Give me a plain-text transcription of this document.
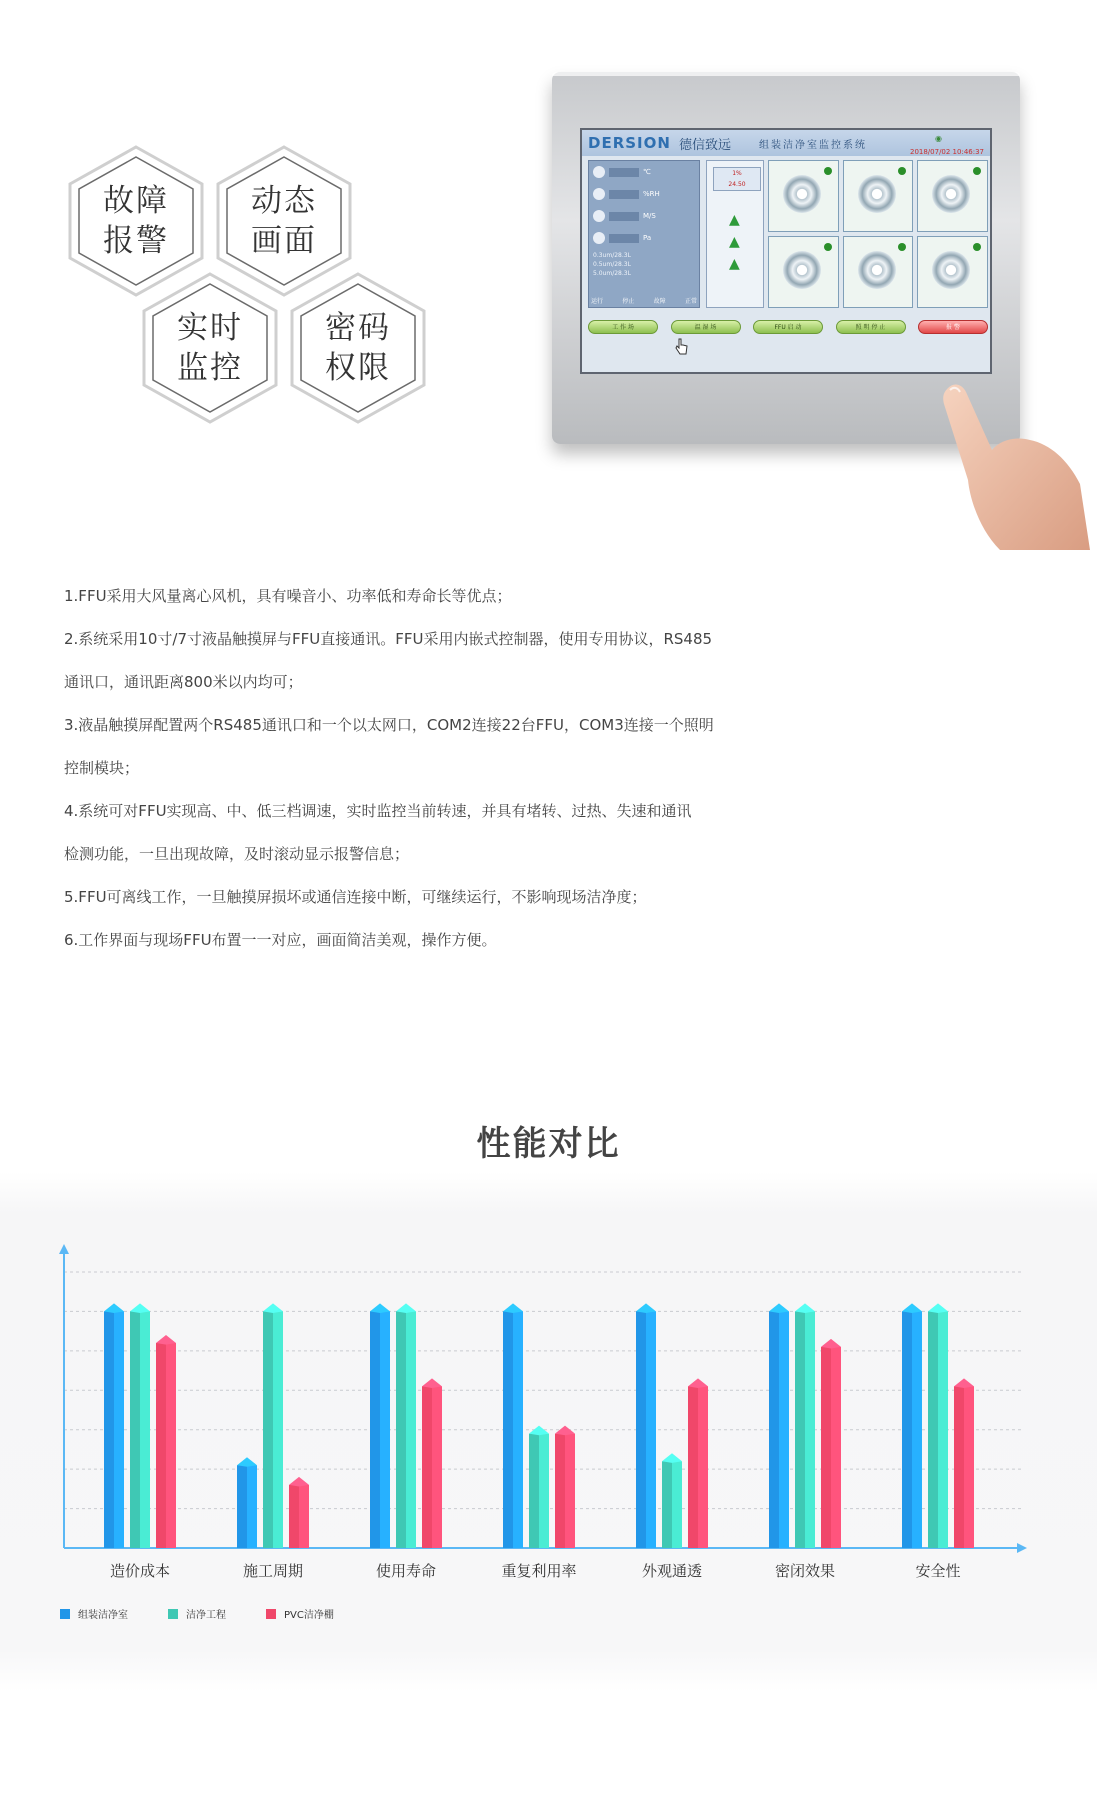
故障
报警
动态
画面
实时
监控
密码
权限
DERSION 德信致远	组装洁净室监控系统
◉
2018/07/02 10:46:37
℃
%RH
M/S
Pa
0.3um/28.3L
0.5um/28.3L
5.0um/28.3L
运行	停止	故障	正常
1%
24.50
▲
▲
▲
工 作 场	温 湿 场	FFU 启 动	照 明 停 止	报 警
1.FFU采用大风量离心风机，具有噪音小、功率低和寿命长等优点；
2.系统采用10寸/7寸液晶触摸屏与FFU直接通讯。FFU采用内嵌式控制器，使用专用协议，RS485
通讯口，通讯距离800米以内均可；
3.液晶触摸屏配置两个RS485通讯口和一个以太网口，COM2连接22台FFU，COM3连接一个照明
控制模块；
4.系统可对FFU实现高、中、低三档调速，实时监控当前转速，并具有堵转、过热、失速和通讯
检测功能，一旦出现故障，及时滚动显示报警信息；
5.FFU可离线工作，一旦触摸屏损坏或通信连接中断，可继续运行，不影响现场洁净度；
6.工作界面与现场FFU布置一一对应，画面简洁美观，操作方便。
性能对比
造价成本	施工周期	使用寿命	重复利用率	外观通透	密闭效果	安全性
组装洁净室	洁净工程	PVC洁净棚
